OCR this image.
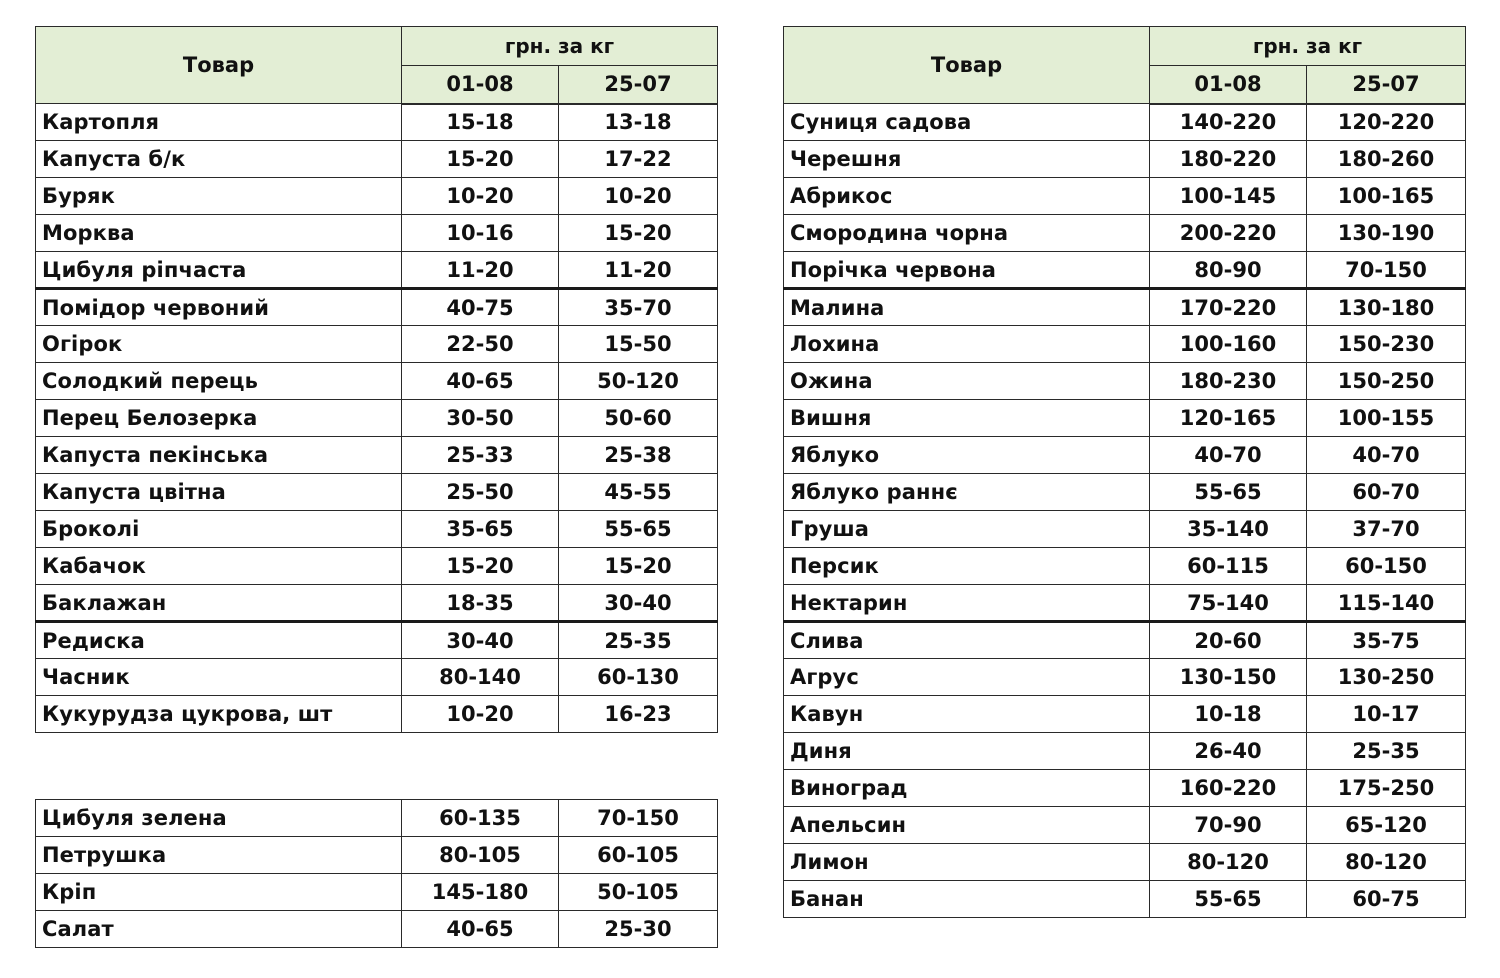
Товар	грн. за кг	
	01-08	25-07
Картопля	15-18	13-18
Капуста б/к	15-20	17-22
Буряк	10-20	10-20
Морква	10-16	15-20
Цибуля ріпчаста	11-20	11-20
Помідор червоний	40-75	35-70
Огірок	22-50	15-50
Солодкий перець	40-65	50-120
Перец Белозерка	30-50	50-60
Капуста пекінська	25-33	25-38
Капуста цвітна	25-50	45-55
Броколі	35-65	55-65
Кабачок	15-20	15-20
Баклажан	18-35	30-40
Редиска	30-40	25-35
Часник	80-140	60-130
Кукурудза цукрова, шт	10-20	16-23
Цибуля зелена	60-135	70-150
Петрушка	80-105	60-105
Кріп	145-180	50-105
Салат	40-65	25-30
Товар	грн. за кг	
	01-08	25-07
Суниця садова	140-220	120-220
Черешня	180-220	180-260
Абрикос	100-145	100-165
Смородина чорна	200-220	130-190
Порічка червона	80-90	70-150
Малина	170-220	130-180
Лохина	100-160	150-230
Ожина	180-230	150-250
Вишня	120-165	100-155
Яблуко	40-70	40-70
Яблуко раннє	55-65	60-70
Груша	35-140	37-70
Персик	60-115	60-150
Нектарин	75-140	115-140
Слива	20-60	35-75
Агрус	130-150	130-250
Кавун	10-18	10-17
Диня	26-40	25-35
Виноград	160-220	175-250
Апельсин	70-90	65-120
Лимон	80-120	80-120
Банан	55-65	60-75
